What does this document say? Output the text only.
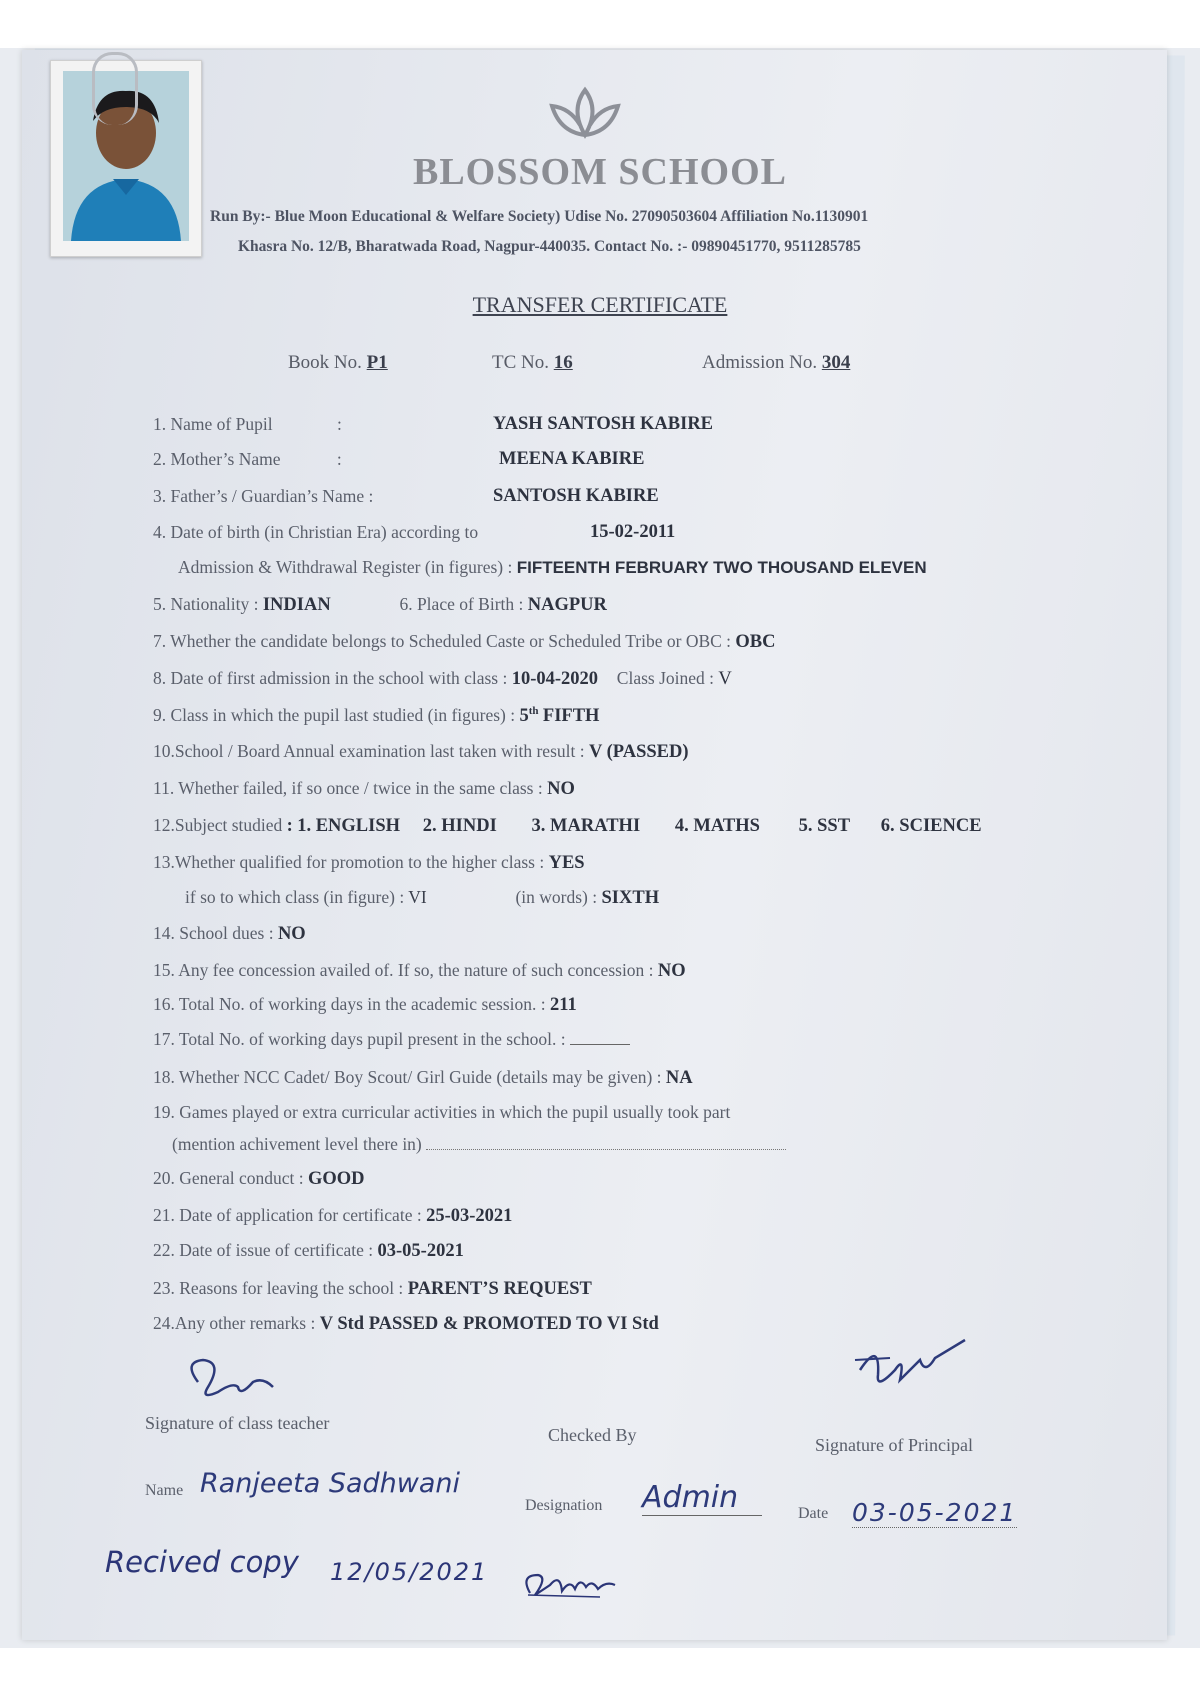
BLOSSOM SCHOOL
Run By:- Blue Moon Educational & Welfare Society) Udise No. 27090503604 Affiliation No.1130901
Khasra No. 12/B, Bharatwada Road, Nagpur-440035. Contact No. :- 09890451770, 9511285785
TRANSFER CERTIFICATE
Book No. P1	TC No. 16	Admission No. 304
1. Name of Pupil	:	YASH SANTOSH KABIRE
2. Mother’s Name	:	MEENA KABIRE
3. Father’s / Guardian’s Name :	SANTOSH KABIRE
4. Date of birth (in Christian Era) according to	15-02-2011
Admission & Withdrawal Register (in figures) : FIFTEENTH FEBRUARY TWO THOUSAND ELEVEN
5. Nationality : INDIAN	6. Place of Birth : NAGPUR
7. Whether the candidate belongs to Scheduled Caste or Scheduled Tribe or OBC : OBC
8. Date of first admission in the school with class : 10-04-2020 Class Joined : V
9. Class in which the pupil last studied (in figures) : 5th FIFTH
10.School / Board Annual examination last taken with result : V (PASSED)
11. Whether failed, if so once / twice in the same class : NO
12.Subject studied : 1. ENGLISH 2. HINDI 3. MARATHI 4. MATHS 5. SST 6. SCIENCE
13.Whether qualified for promotion to the higher class : YES
if so to which class (in figure) : VI	(in words) : SIXTH
14. School dues : NO
15. Any fee concession availed of. If so, the nature of such concession : NO
16. Total No. of working days in the academic session. : 211
17. Total No. of working days pupil present in the school. :
18. Whether NCC Cadet/ Boy Scout/ Girl Guide (details may be given) : NA
19. Games played or extra curricular activities in which the pupil usually took part
(mention achivement level there in)
20. General conduct : GOOD
21. Date of application for certificate : 25-03-2021
22. Date of issue of certificate : 03-05-2021
23. Reasons for leaving the school : PARENT’S REQUEST
24.Any other remarks : V Std PASSED & PROMOTED TO VI Std
Signature of class teacher
Checked By	Signature of Principal
Name Ranjeeta Sadhwani
Designation Admin	Date 03-05-2021
Recived copy 12/05/2021
